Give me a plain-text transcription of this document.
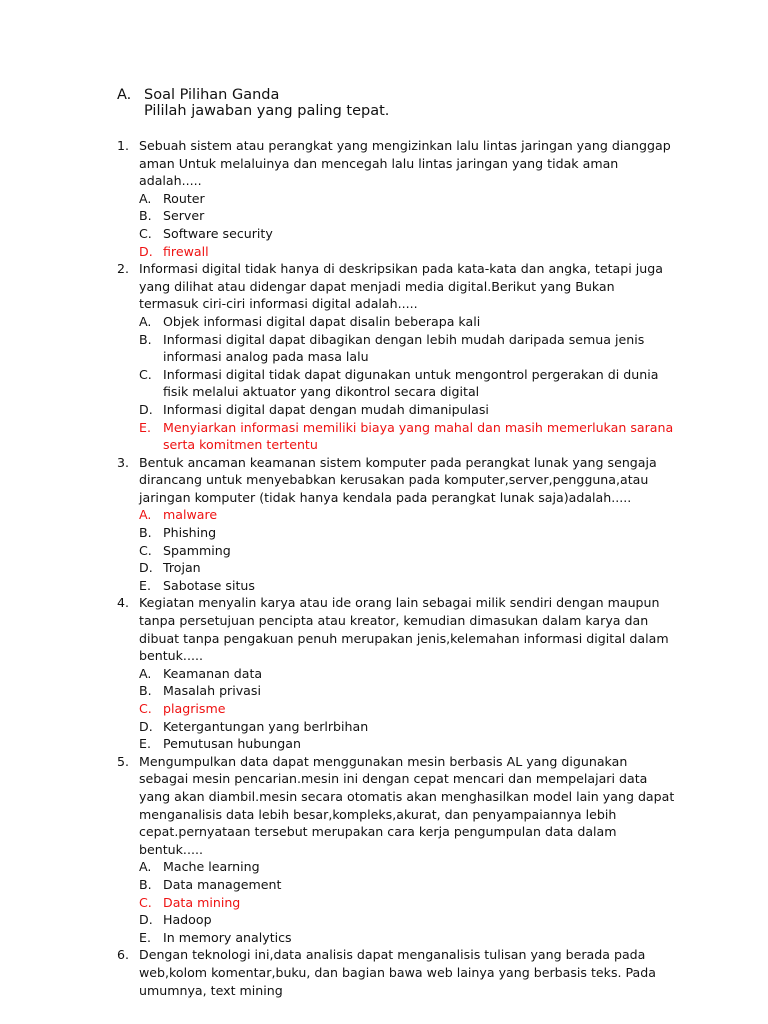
A. Soal Pilihan Ganda
Pililah jawaban yang paling tepat.
1. Sebuah sistem atau perangkat yang mengizinkan lalu lintas jaringan yang dianggap aman Untuk melaluinya dan mencegah lalu lintas jaringan yang tidak aman adalah.....
A. Router
B. Server
C. Software security
D. firewall
2. Informasi digital tidak hanya di deskripsikan pada kata-kata dan angka, tetapi juga yang dilihat atau didengar dapat menjadi media digital.Berikut yang Bukan termasuk ciri-ciri informasi digital adalah.....
A. Objek informasi digital dapat disalin beberapa kali
B. Informasi digital dapat dibagikan dengan lebih mudah daripada semua jenis informasi analog pada masa lalu
C. Informasi digital tidak dapat digunakan untuk mengontrol pergerakan di dunia fisik melalui aktuator yang dikontrol secara digital
D. Informasi digital dapat dengan mudah dimanipulasi
E. Menyiarkan informasi memiliki biaya yang mahal dan masih memerlukan sarana serta komitmen tertentu
3. Bentuk ancaman keamanan sistem komputer pada perangkat lunak yang sengaja dirancang untuk menyebabkan kerusakan pada komputer,server,pengguna,atau jaringan komputer (tidak hanya kendala pada perangkat lunak saja)adalah.....
A. malware
B. Phishing
C. Spamming
D. Trojan
E. Sabotase situs
4. Kegiatan menyalin karya atau ide orang lain sebagai milik sendiri dengan maupun tanpa persetujuan pencipta atau kreator, kemudian dimasukan dalam karya dan dibuat tanpa pengakuan penuh merupakan jenis,kelemahan informasi digital dalam bentuk.....
A. Keamanan data
B. Masalah privasi
C. plagrisme
D. Ketergantungan yang berlrbihan
E. Pemutusan hubungan
5. Mengumpulkan data dapat menggunakan mesin berbasis AL yang digunakan sebagai mesin pencarian.mesin ini dengan cepat mencari dan mempelajari data yang akan diambil.mesin secara otomatis akan menghasilkan model lain yang dapat menganalisis data lebih besar,kompleks,akurat, dan penyampaiannya lebih cepat.pernyataan tersebut merupakan cara kerja pengumpulan data dalam bentuk.....
A. Mache learning
B. Data management
C. Data mining
D. Hadoop
E. In memory analytics
6. Dengan teknologi ini,data analisis dapat menganalisis tulisan yang berada pada web,kolom komentar,buku, dan bagian bawa web lainya yang berbasis teks. Pada umumnya, text mining
